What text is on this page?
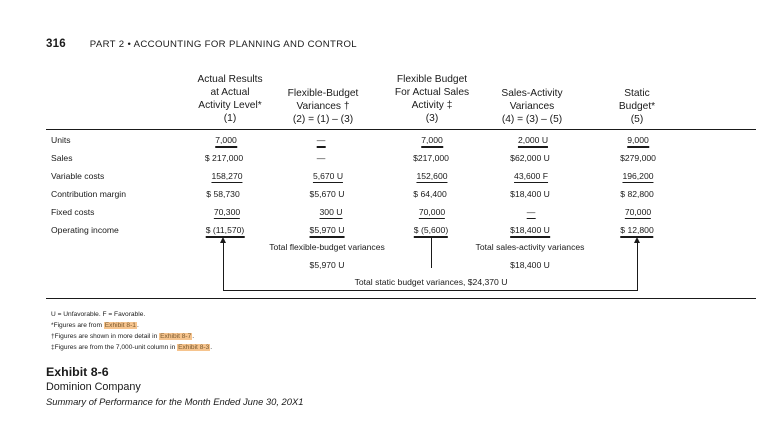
316	PART 2 • ACCOUNTING FOR PLANNING AND CONTROL
Actual Results
at Actual
Activity Level*
(1)
Flexible-Budget
Variances †
(2) = (1) – (3)
Flexible Budget
For Actual Sales
Activity ‡
(3)
Sales-Activity
Variances
(4) = (3) – (5)
Static
Budget*
(5)
Units
Sales
Variable costs
Contribution margin
Fixed costs
Operating income
7,000
$ 217,000
158,270
$ 58,730
70,300
$ (11,570)
—
—
5,670 U
$5,670 U
300 U
$5,970 U
7,000
$217,000
152,600
$ 64,400
70,000
$ (5,600)
2,000 U
$62,000 U
43,600 F
$18,400 U
—
$18,400 U
9,000
$279,000
196,200
$ 82,800
70,000
$ 12,800
Total flexible-budget variances
$5,970 U
Total sales-activity variances
$18,400 U
Total static budget variances, $24,370 U
U = Unfavorable. F = Favorable.
*Figures are from Exhibit 8-1.
†Figures are shown in more detail in Exhibit 8-7.
‡Figures are from the 7,000-unit column in Exhibit 8-3.
Exhibit 8-6
Dominion Company
Summary of Performance for the Month Ended June 30, 20X1
